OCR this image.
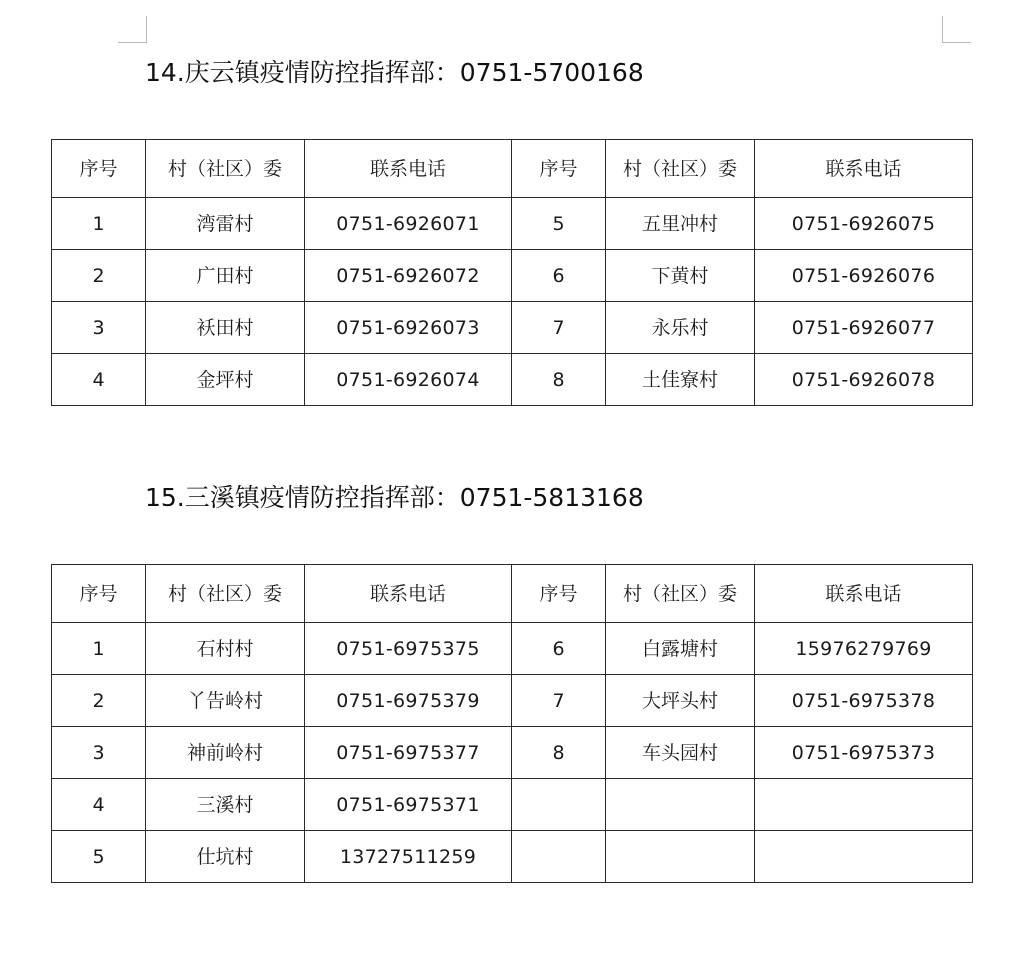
14.庆云镇疫情防控指挥部：0751-5700168
序号	村（社区）委	联系电话	序号	村（社区）委	联系电话
1	湾雷村	0751-6926071	5	五里冲村	0751-6926075
2	广田村	0751-6926072	6	下黄村	0751-6926076
3	袄田村	0751-6926073	7	永乐村	0751-6926077
4	金坪村	0751-6926074	8	土佳寮村	0751-6926078
15.三溪镇疫情防控指挥部：0751-5813168
序号	村（社区）委	联系电话	序号	村（社区）委	联系电话
1	石村村	0751-6975375	6	白露塘村	15976279769
2	丫告岭村	0751-6975379	7	大坪头村	0751-6975378
3	神前岭村	0751-6975377	8	车头园村	0751-6975373
4	三溪村	0751-6975371			
5	仕坑村	13727511259			
